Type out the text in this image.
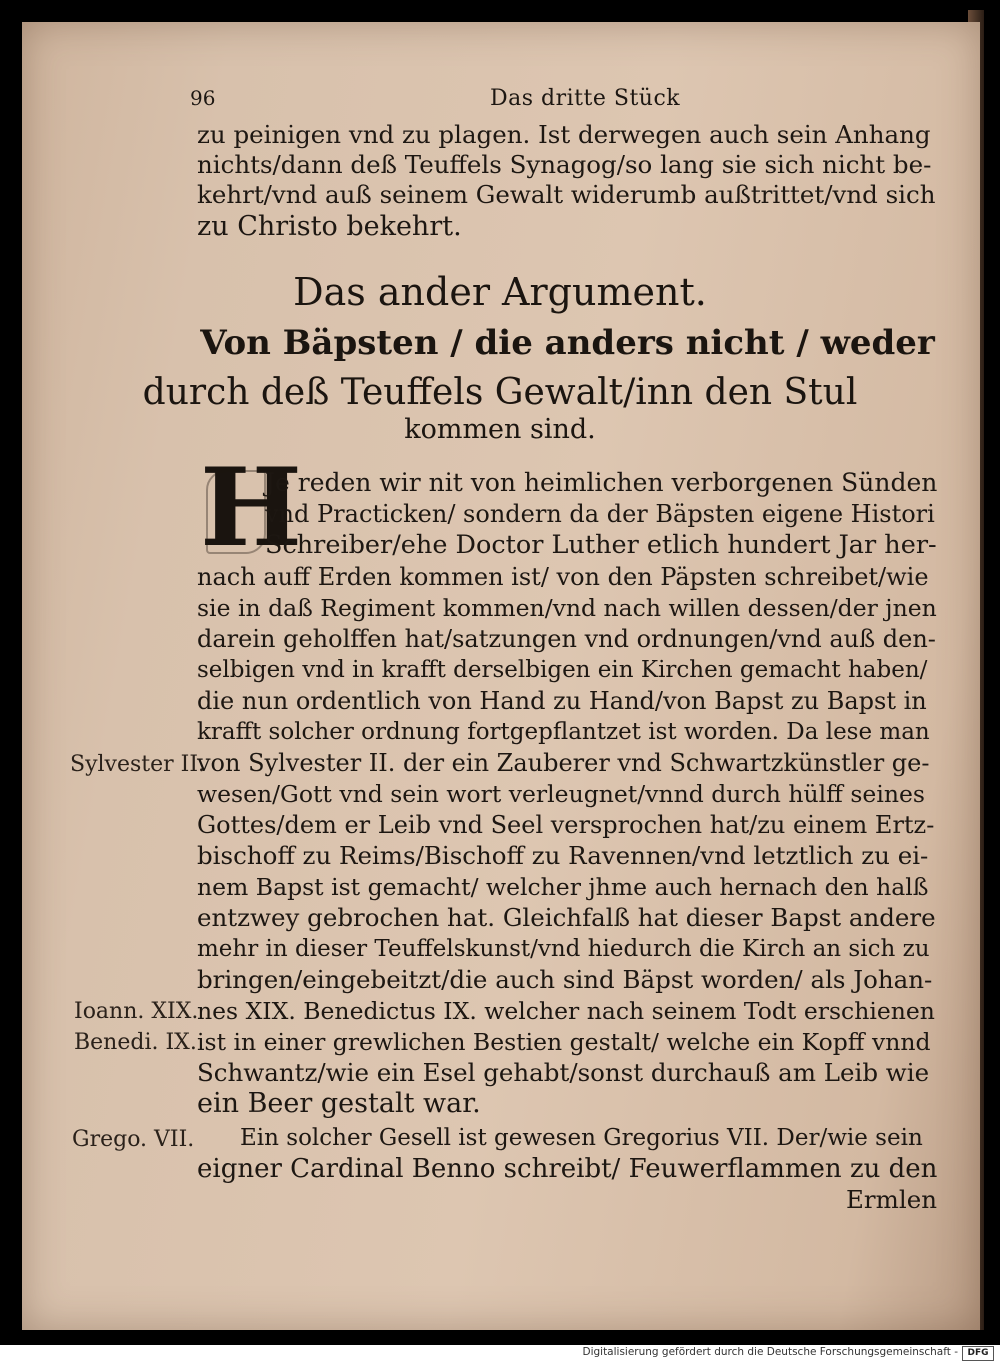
96	Das dritte Stück
zu peinigen vnd zu plagen. Ist derwegen auch sein Anhang
nichts/dann deß Teuffels Synagog/so lang sie sich nicht be-
kehrt/vnd auß seinem Gewalt widerumb außtrittet/vnd sich
zu Christo bekehrt.
Das ander Argument.
Von Bäpsten / die anders nicht / weder
durch deß Teuffels Gewalt/inn den Stul
kommen sind.
H
Je reden wir nit von heimlichen verborgenen Sünden
vnd Practicken/ sondern da der Bäpsten eigene Histori
Schreiber/ehe Doctor Luther etlich hundert Jar her-
nach auff Erden kommen ist/ von den Päpsten schreibet/wie
sie in daß Regiment kommen/vnd nach willen dessen/der jnen
darein geholffen hat/satzungen vnd ordnungen/vnd auß den-
selbigen vnd in krafft derselbigen ein Kirchen gemacht haben/
die nun ordentlich von Hand zu Hand/von Bapst zu Bapst in
krafft solcher ordnung fortgepflantzet ist worden. Da lese man
von Sylvester II. der ein Zauberer vnd Schwartzkünstler ge-
wesen/Gott vnd sein wort verleugnet/vnnd durch hülff seines
Gottes/dem er Leib vnd Seel versprochen hat/zu einem Ertz-
bischoff zu Reims/Bischoff zu Ravennen/vnd letztlich zu ei-
nem Bapst ist gemacht/ welcher jhme auch hernach den halß
entzwey gebrochen hat. Gleichfalß hat dieser Bapst andere
mehr in dieser Teuffelskunst/vnd hiedurch die Kirch an sich zu
bringen/eingebeitzt/die auch sind Bäpst worden/ als Johan-
nes XIX. Benedictus IX. welcher nach seinem Todt erschienen
ist in einer grewlichen Bestien gestalt/ welche ein Kopff vnnd
Schwantz/wie ein Esel gehabt/sonst durchauß am Leib wie
ein Beer gestalt war.
Ein solcher Gesell ist gewesen Gregorius VII. Der/wie sein
eigner Cardinal Benno schreibt/ Feuwerflammen zu den
Ermlen
Sylvester II.
Ioann. XIX.
Benedi. IX.
Grego. VII.
Digitalisierung gefördert durch die Deutsche Forschungsgemeinschaft -	DFG
